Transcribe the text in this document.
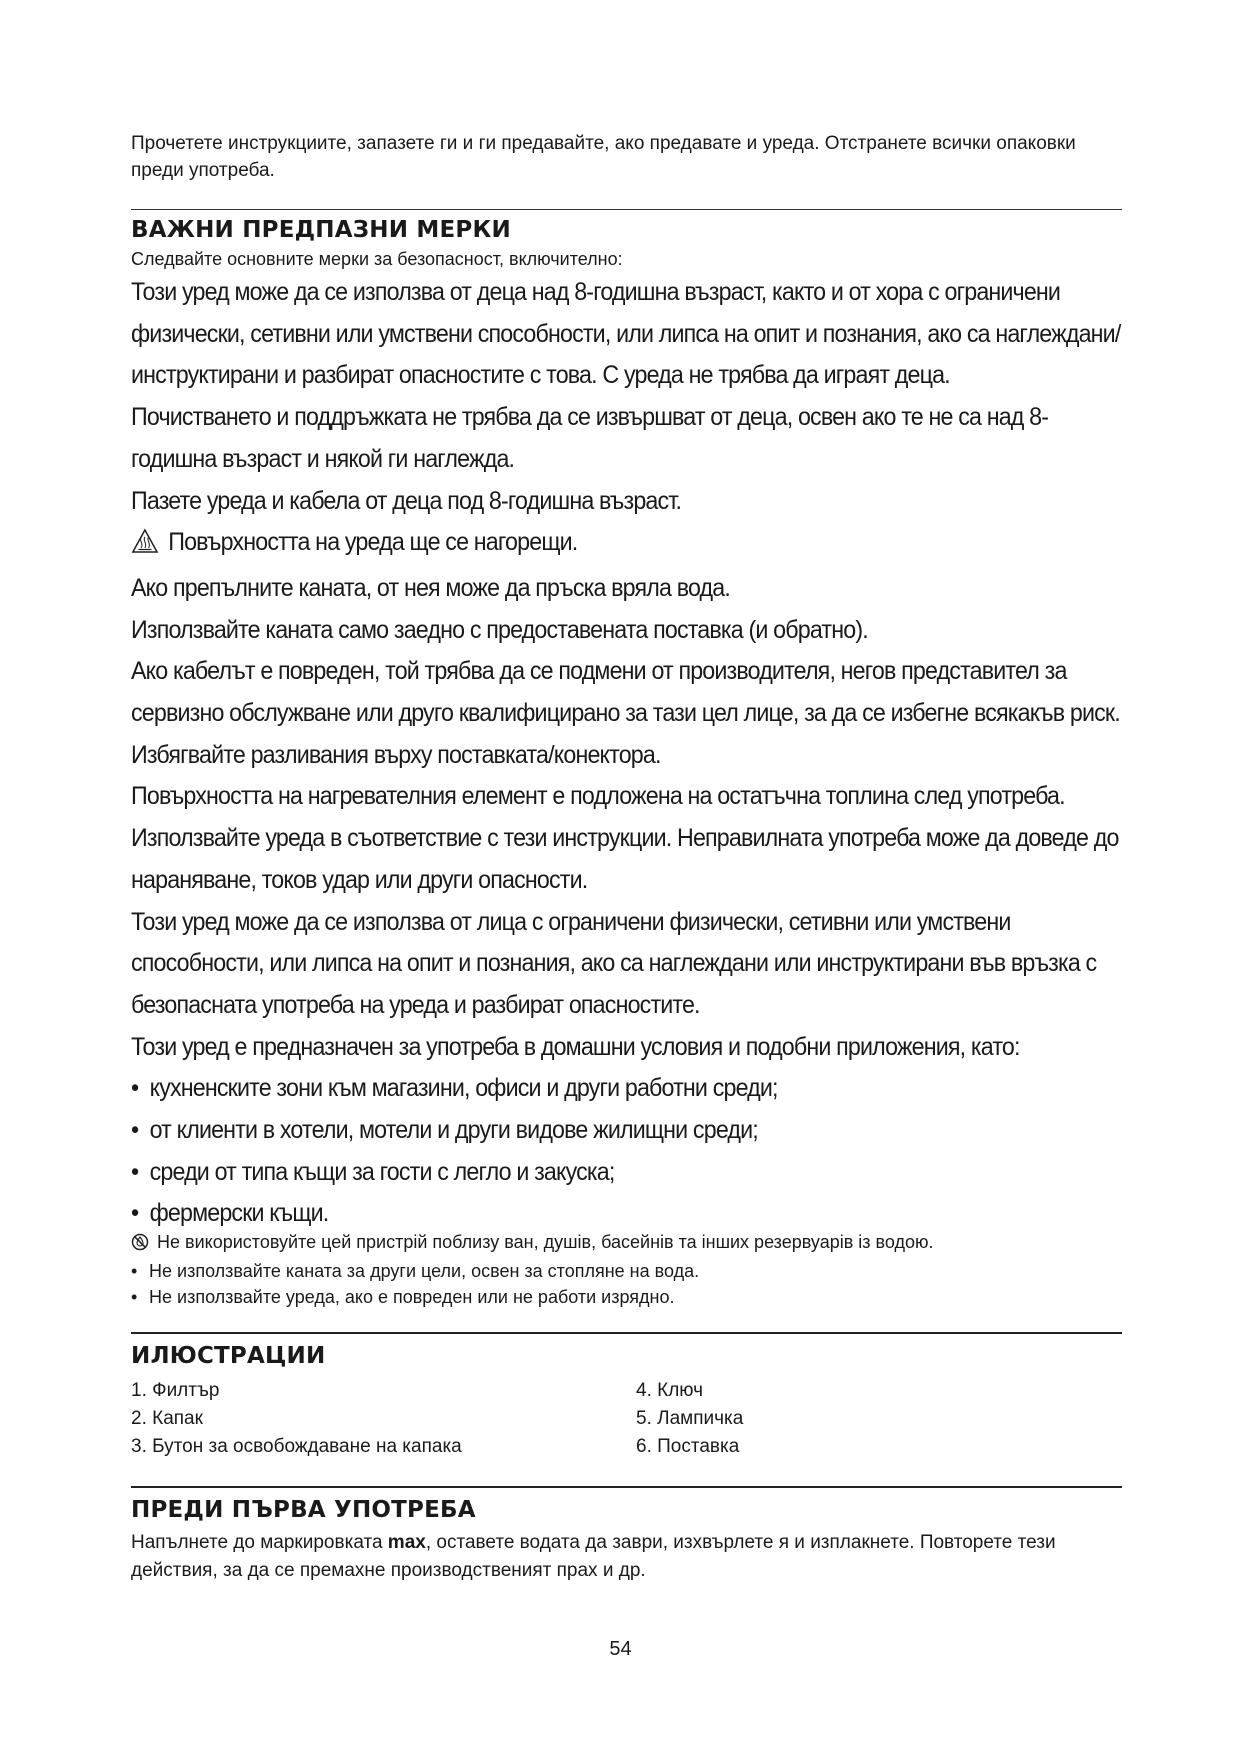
Прочетете инструкциите, запазете ги и ги предавайте, ако предавате и уреда. Отстранете всички опаковки преди употреба.

ВАЖНИ ПРЕДПАЗНИ МЕРКИ

Следвайте основните мерки за безопасност, включително:

Този уред може да се използва от деца над 8-годишна възраст, както и от хора с ограничени физически, сетивни или умствени способности, или липса на опит и познания, ако са наглеждани/инструктирани и разбират опасностите с това. С уреда не трябва да играят деца.

Почистването и поддръжката не трябва да се извършват от деца, освен ако те не са над 8-годишна възраст и някой ги наглежда.

Пазете уреда и кабела от деца под 8-годишна възраст.

Повърхността на уреда ще се нагорещи.

Ако препълните каната, от нея може да пръска вряла вода.

Използвайте каната само заедно с предоставената поставка (и обратно).

Ако кабелът е повреден, той трябва да се подмени от производителя, негов представител за сервизно обслужване или друго квалифицирано за тази цел лице, за да се избегне всякакъв риск.

Избягвайте разливания върху поставката/конектора.

Повърхността на нагревателния елемент е подложена на остатъчна топлина след употреба.

Използвайте уреда в съответствие с тези инструкции. Неправилната употреба може да доведе до нараняване, токов удар или други опасности.

Този уред може да се използва от лица с ограничени физически, сетивни или умствени способности, или липса на опит и познания, ако са наглеждани или инструктирани във връзка с безопасната употреба на уреда и разбират опасностите.

Този уред е предназначен за употреба в домашни условия и подобни приложения, като:

• кухненските зони към магазини, офиси и други работни среди;

• от клиенти в хотели, мотели и други видове жилищни среди;

• среди от типа къщи за гости с легло и закуска;

• фермерски къщи.

Не використовуйте цей пристрій поблизу ван, душів, басейнів та інших резервуарів із водою.

• Не използвайте каната за други цели, освен за стопляне на вода.

• Не използвайте уреда, ако е повреден или не работи изрядно.

ИЛЮСТРАЦИИ

1. Филтър	4. Ключ

2. Капак	5. Лампичка

3. Бутон за освобождаване на капака	6. Поставка

ПРЕДИ ПЪРВА УПОТРЕБА

Напълнете до маркировката max, оставете водата да заври, изхвърлете я и изплакнете. Повторете тези действия, за да се премахне производственият прах и др.

54
